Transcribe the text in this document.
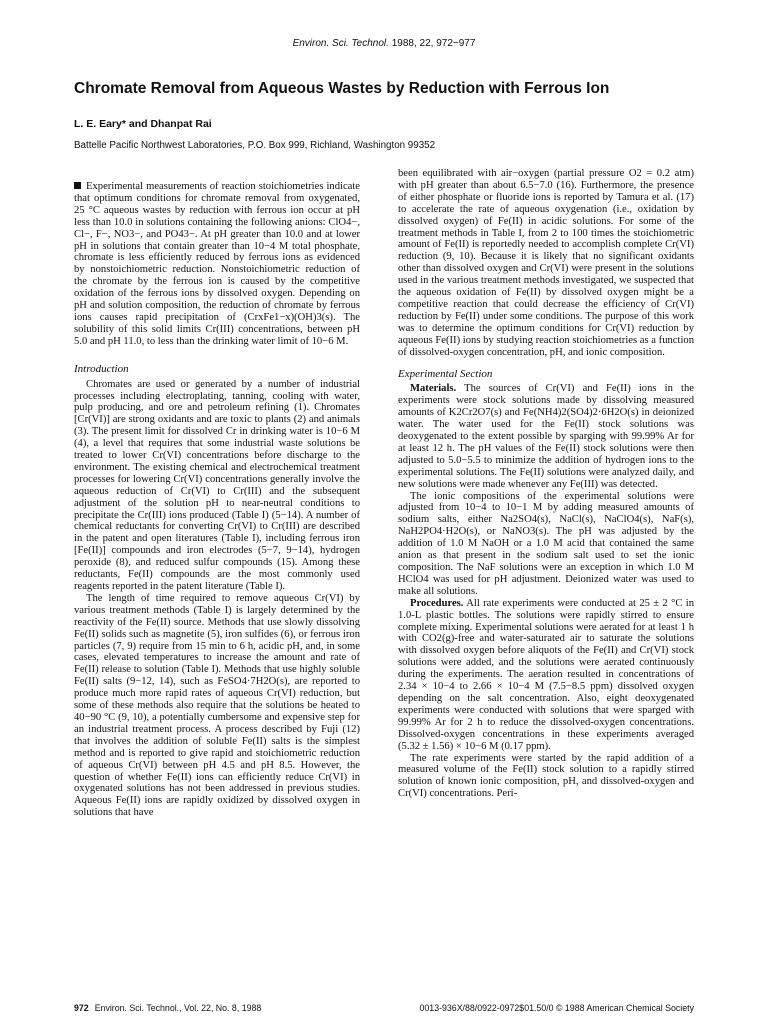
Environ. Sci. Technol. 1988, 22, 972−977
Chromate Removal from Aqueous Wastes by Reduction with Ferrous Ion
L. E. Eary* and Dhanpat Rai
Battelle Pacific Northwest Laboratories, P.O. Box 999, Richland, Washington 99352

Experimental measurements of reaction stoichiometries indicate that optimum conditions for chromate removal from oxygenated, 25 °C aqueous wastes by reduction with ferrous ion occur at pH less than 10.0 in solutions containing the following anions: ClO4−, Cl−, F−, NO3−, and PO43−. At pH greater than 10.0 and at lower pH in solutions that contain greater than 10−4 M total phosphate, chromate is less efficiently reduced by ferrous ions as evidenced by nonstoichiometric reduction. Nonstoichiometric reduction of the chromate by the ferrous ion is caused by the competitive oxidation of the ferrous ions by dissolved oxygen. Depending on pH and solution composition, the reduction of chromate by ferrous ions causes rapid precipitation of (CrxFe1−x)(OH)3(s). The solubility of this solid limits Cr(III) concentrations, between pH 5.0 and pH 11.0, to less than the drinking water limit of 10−6 M.

Introduction

Chromates are used or generated by a number of industrial processes including electroplating, tanning, cooling with water, pulp producing, and ore and petroleum refining (1). Chromates [Cr(VI)] are strong oxidants and are toxic to plants (2) and animals (3). The present limit for dissolved Cr in drinking water is 10−6 M (4), a level that requires that some industrial waste solutions be treated to lower Cr(VI) concentrations before discharge to the environment. The existing chemical and electrochemical treatment processes for lowering Cr(VI) concentrations generally involve the aqueous reduction of Cr(VI) to Cr(III) and the subsequent adjustment of the solution pH to near-neutral conditions to precipitate the Cr(III) ions produced (Table I) (5−14). A number of chemical reductants for converting Cr(VI) to Cr(III) are described in the patent and open literatures (Table I), including ferrous iron [Fe(II)] compounds and iron electrodes (5−7, 9−14), hydrogen peroxide (8), and reduced sulfur compounds (15). Among these reductants, Fe(II) compounds are the most commonly used reagents reported in the patent literature (Table I).

The length of time required to remove aqueous Cr(VI) by various treatment methods (Table I) is largely determined by the reactivity of the Fe(II) source. Methods that use slowly dissolving Fe(II) solids such as magnetite (5), iron sulfides (6), or ferrous iron particles (7, 9) require from 15 min to 6 h, acidic pH, and, in some cases, elevated temperatures to increase the amount and rate of Fe(II) release to solution (Table I). Methods that use highly soluble Fe(II) salts (9−12, 14), such as FeSO4·7H2O(s), are reported to produce much more rapid rates of aqueous Cr(VI) reduction, but some of these methods also require that the solutions be heated to 40−90 °C (9, 10), a potentially cumbersome and expensive step for an industrial treatment process. A process described by Fuji (12) that involves the addition of soluble Fe(II) salts is the simplest method and is reported to give rapid and stoichiometric reduction of aqueous Cr(VI) between pH 4.5 and pH 8.5. However, the question of whether Fe(II) ions can efficiently reduce Cr(VI) in oxygenated solutions has not been addressed in previous studies. Aqueous Fe(II) ions are rapidly oxidized by dissolved oxygen in solutions that have

been equilibrated with air−oxygen (partial pressure O2 = 0.2 atm) with pH greater than about 6.5−7.0 (16). Furthermore, the presence of either phosphate or fluoride ions is reported by Tamura et al. (17) to accelerate the rate of aqueous oxygenation (i.e., oxidation by dissolved oxygen) of Fe(II) in acidic solutions. For some of the treatment methods in Table I, from 2 to 100 times the stoichiometric amount of Fe(II) is reportedly needed to accomplish complete Cr(VI) reduction (9, 10). Because it is likely that no significant oxidants other than dissolved oxygen and Cr(VI) were present in the solutions used in the various treatment methods investigated, we suspected that the aqueous oxidation of Fe(II) by dissolved oxygen might be a competitive reaction that could decrease the efficiency of Cr(VI) reduction by Fe(II) under some conditions. The purpose of this work was to determine the optimum conditions for Cr(VI) reduction by aqueous Fe(II) ions by studying reaction stoichiometries as a function of dissolved-oxygen concentration, pH, and ionic composition.

Experimental Section

Materials. The sources of Cr(VI) and Fe(II) ions in the experiments were stock solutions made by dissolving measured amounts of K2Cr2O7(s) and Fe(NH4)2(SO4)2·6H2O(s) in deionized water. The water used for the Fe(II) stock solutions was deoxygenated to the extent possible by sparging with 99.99% Ar for at least 12 h. The pH values of the Fe(II) stock solutions were then adjusted to 5.0−5.5 to minimize the addition of hydrogen ions to the experimental solutions. The Fe(II) solutions were analyzed daily, and new solutions were made whenever any Fe(III) was detected.

The ionic compositions of the experimental solutions were adjusted from 10−4 to 10−1 M by adding measured amounts of sodium salts, either Na2SO4(s), NaCl(s), NaClO4(s), NaF(s), NaH2PO4·H2O(s), or NaNO3(s). The pH was adjusted by the addition of 1.0 M NaOH or a 1.0 M acid that contained the same anion as that present in the sodium salt used to set the ionic composition. The NaF solutions were an exception in which 1.0 M HClO4 was used for pH adjustment. Deionized water was used to make all solutions.

Procedures. All rate experiments were conducted at 25 ± 2 °C in 1.0-L plastic bottles. The solutions were rapidly stirred to ensure complete mixing. Experimental solutions were aerated for at least 1 h with CO2(g)-free and water-saturated air to saturate the solutions with dissolved oxygen before aliquots of the Fe(II) and Cr(VI) stock solutions were added, and the solutions were aerated continuously during the experiments. The aeration resulted in concentrations of 2.34 × 10−4 to 2.66 × 10−4 M (7.5−8.5 ppm) dissolved oxygen depending on the salt concentration. Also, eight deoxygenated experiments were conducted with solutions that were sparged with 99.99% Ar for 2 h to reduce the dissolved-oxygen concentrations. Dissolved-oxygen concentrations in these experiments averaged (5.32 ± 1.56) × 10−6 M (0.17 ppm).

The rate experiments were started by the rapid addition of a measured volume of the Fe(II) stock solution to a rapidly stirred solution of known ionic composition, pH, and dissolved-oxygen and Cr(VI) concentrations. Peri-

972 Environ. Sci. Technol., Vol. 22, No. 8, 1988	0013-936X/88/0922-0972$01.50/0 © 1988 American Chemical Society
